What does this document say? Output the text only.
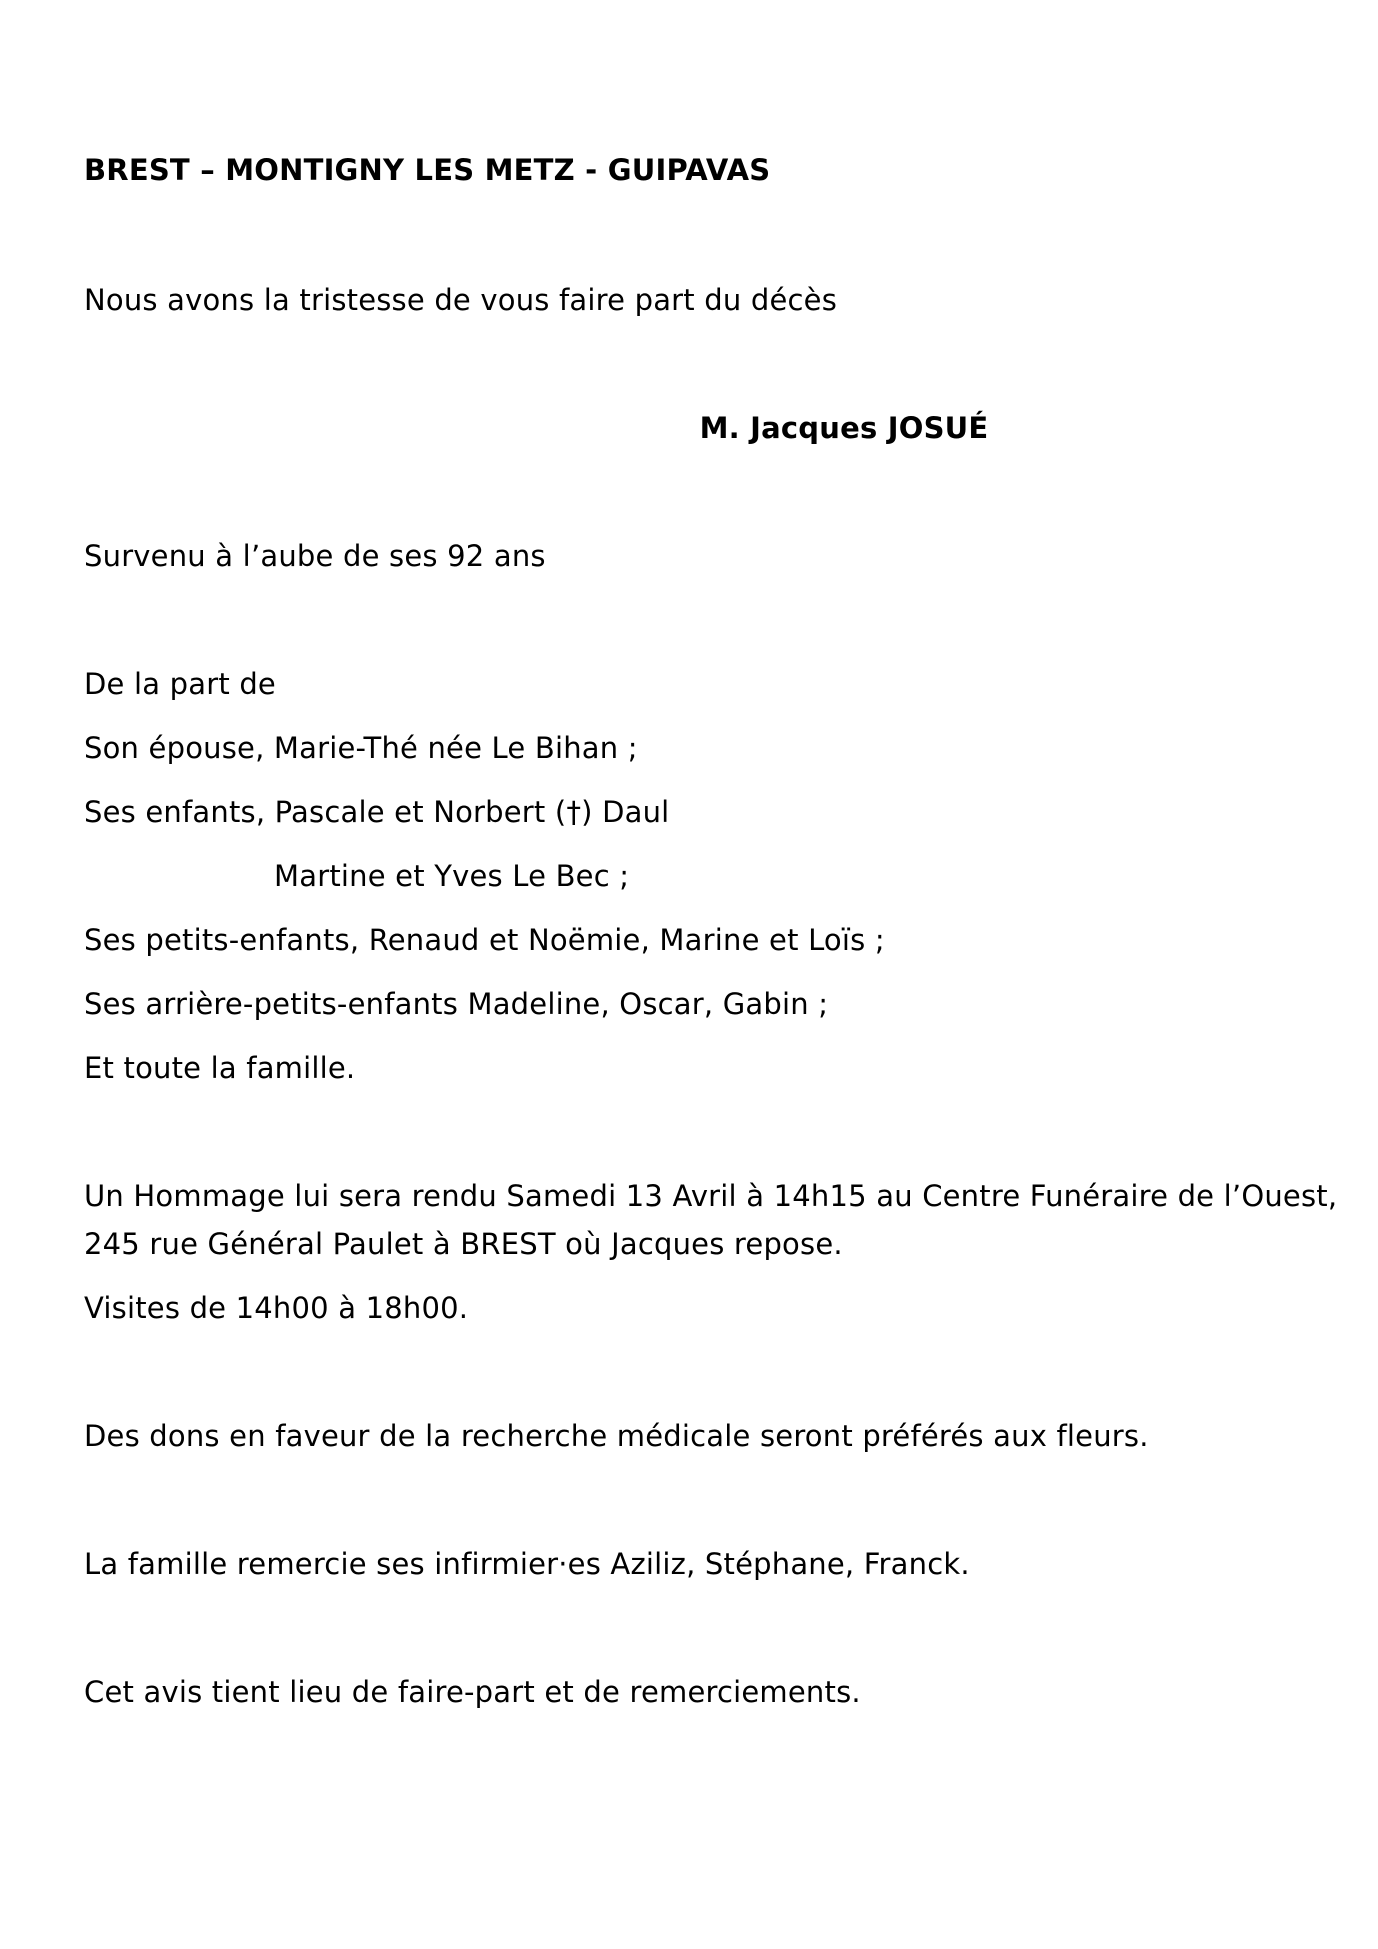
BREST – MONTIGNY LES METZ - GUIPAVAS
Nous avons la tristesse de vous faire part du décès
M. Jacques JOSUÉ
Survenu à l’aube de ses 92 ans
De la part de
Son épouse, Marie-Thé née Le Bihan ;
Ses enfants, Pascale et Norbert (†) Daul
Martine et Yves Le Bec ;
Ses petits-enfants, Renaud et Noëmie, Marine et Loïs ;
Ses arrière-petits-enfants Madeline, Oscar, Gabin ;
Et toute la famille.
Un Hommage lui sera rendu Samedi 13 Avril à 14h15 au Centre Funéraire de l’Ouest,
245 rue Général Paulet à BREST où Jacques repose.
Visites de 14h00 à 18h00.
Des dons en faveur de la recherche médicale seront préférés aux fleurs.
La famille remercie ses infirmier·es Aziliz, Stéphane, Franck.
Cet avis tient lieu de faire-part et de remerciements.
